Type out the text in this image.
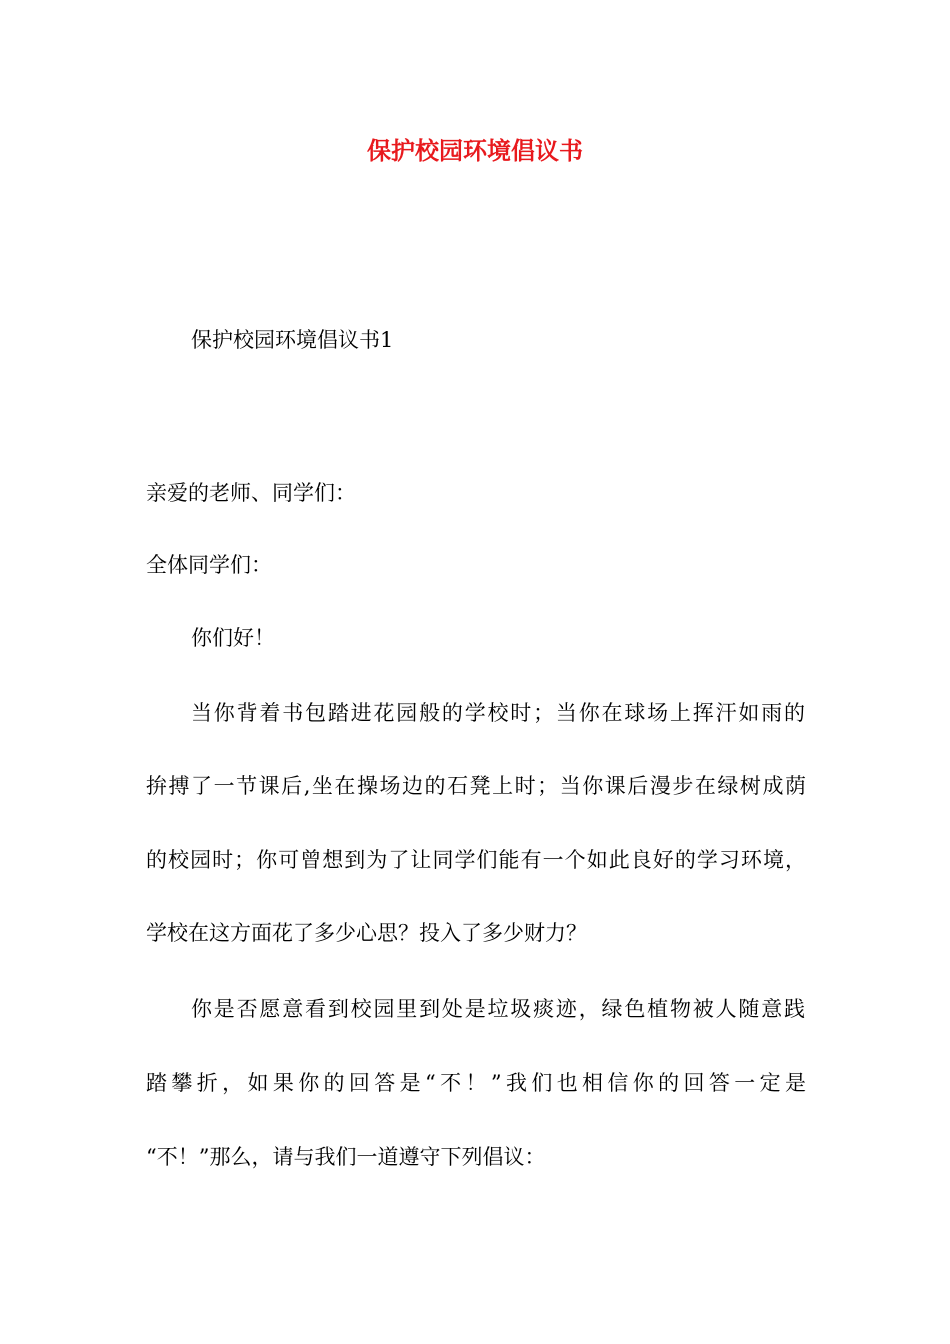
保护校园环境倡议书
保护校园环境倡议书1
亲爱的老师、同学们：
全体同学们：
你们好！
当你背着书包踏进花园般的学校时；当你在球场上挥汗如雨的
拚搏了一节课后,坐在操场边的石凳上时；当你课后漫步在绿树成荫
的校园时；你可曾想到为了让同学们能有一个如此良好的学习环境，
学校在这方面花了多少心思？投入了多少财力？
你是否愿意看到校园里到处是垃圾痰迹，绿色植物被人随意践
踏攀折，如果你的回答是“不！”我们也相信你的回答一定是
“不！”那么，请与我们一道遵守下列倡议：
